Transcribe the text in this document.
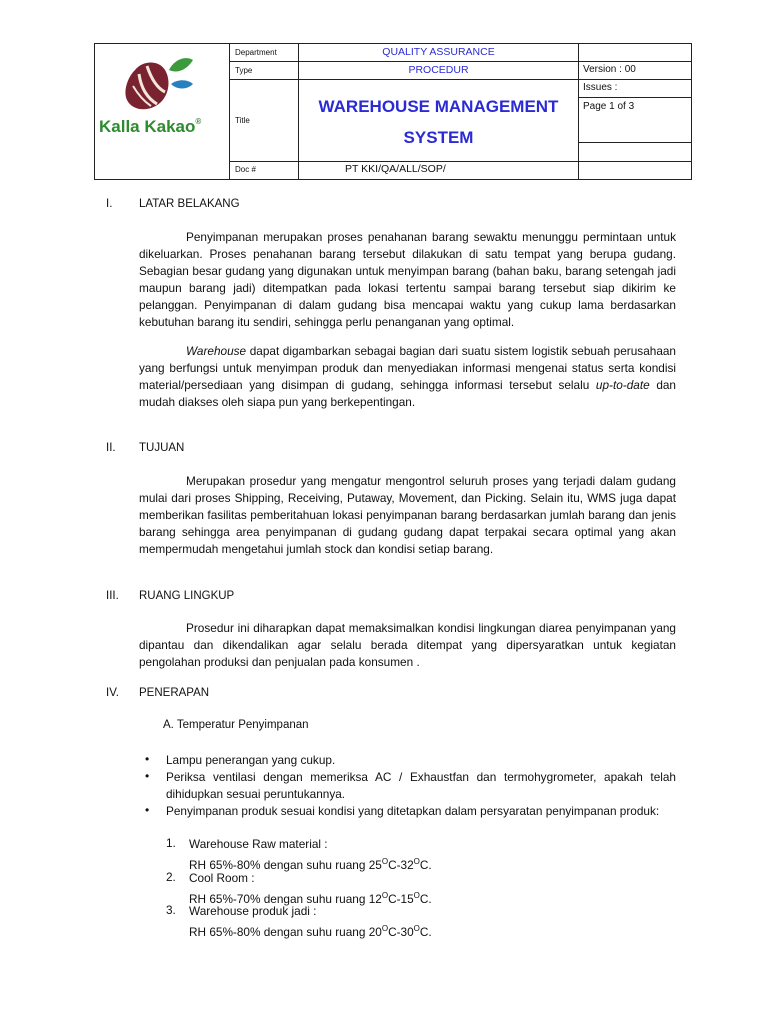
Kalla Kakao®
Department
Type
Title
Doc #
QUALITY ASSURANCE
PROCEDUR
WAREHOUSE MANAGEMENT
SYSTEM
PT KKI/QA/ALL/SOP/
Version : 00
Issues :
Page 1 of 3
I. LATAR BELAKANG
Penyimpanan merupakan proses penahanan barang sewaktu menunggu permintaan untuk dikeluarkan. Proses penahanan barang tersebut dilakukan di satu tempat yang berupa gudang. Sebagian besar gudang yang digunakan untuk menyimpan barang (bahan baku, barang setengah jadi maupun barang jadi) ditempatkan pada lokasi tertentu sampai barang tersebut siap dikirim ke pelanggan. Penyimpanan di dalam gudang bisa mencapai waktu yang cukup lama berdasarkan kebutuhan barang itu sendiri, sehingga perlu penanganan yang optimal.
Warehouse dapat digambarkan sebagai bagian dari suatu sistem logistik sebuah perusahaan yang berfungsi untuk menyimpan produk dan menyediakan informasi mengenai status serta kondisi material/persediaan yang disimpan di gudang, sehingga informasi tersebut selalu up-to-date dan mudah diakses oleh siapa pun yang berkepentingan.
II. TUJUAN
Merupakan prosedur yang mengatur mengontrol seluruh proses yang terjadi dalam gudang mulai dari proses Shipping, Receiving, Putaway, Movement, dan Picking. Selain itu, WMS juga dapat memberikan fasilitas pemberitahuan lokasi penyimpanan barang berdasarkan jumlah barang dan jenis barang sehingga area penyimpanan di gudang gudang dapat terpakai secara optimal yang akan mempermudah mengetahui jumlah stock dan kondisi setiap barang.
III. RUANG LINGKUP
Prosedur ini diharapkan dapat memaksimalkan kondisi lingkungan diarea penyimpanan yang dipantau dan dikendalikan agar selalu berada ditempat yang dipersyaratkan untuk kegiatan pengolahan produksi dan penjualan pada konsumen .
IV. PENERAPAN
A. Temperatur Penyimpanan
• Lampu penerangan yang cukup.
• Periksa ventilasi dengan memeriksa AC / Exhaustfan dan termohygrometer, apakah telah dihidupkan sesuai peruntukannya.
• Penyimpanan produk sesuai kondisi yang ditetapkan dalam persyaratan penyimpanan produk:
1. Warehouse Raw material :
RH 65%-80% dengan suhu ruang $25^OC-32^OC$.
2. Cool Room :
RH 65%-70% dengan suhu ruang $12^OC-15^OC$.
3. Warehouse produk jadi :
RH 65%-80% dengan suhu ruang $20^OC-30^OC$.
